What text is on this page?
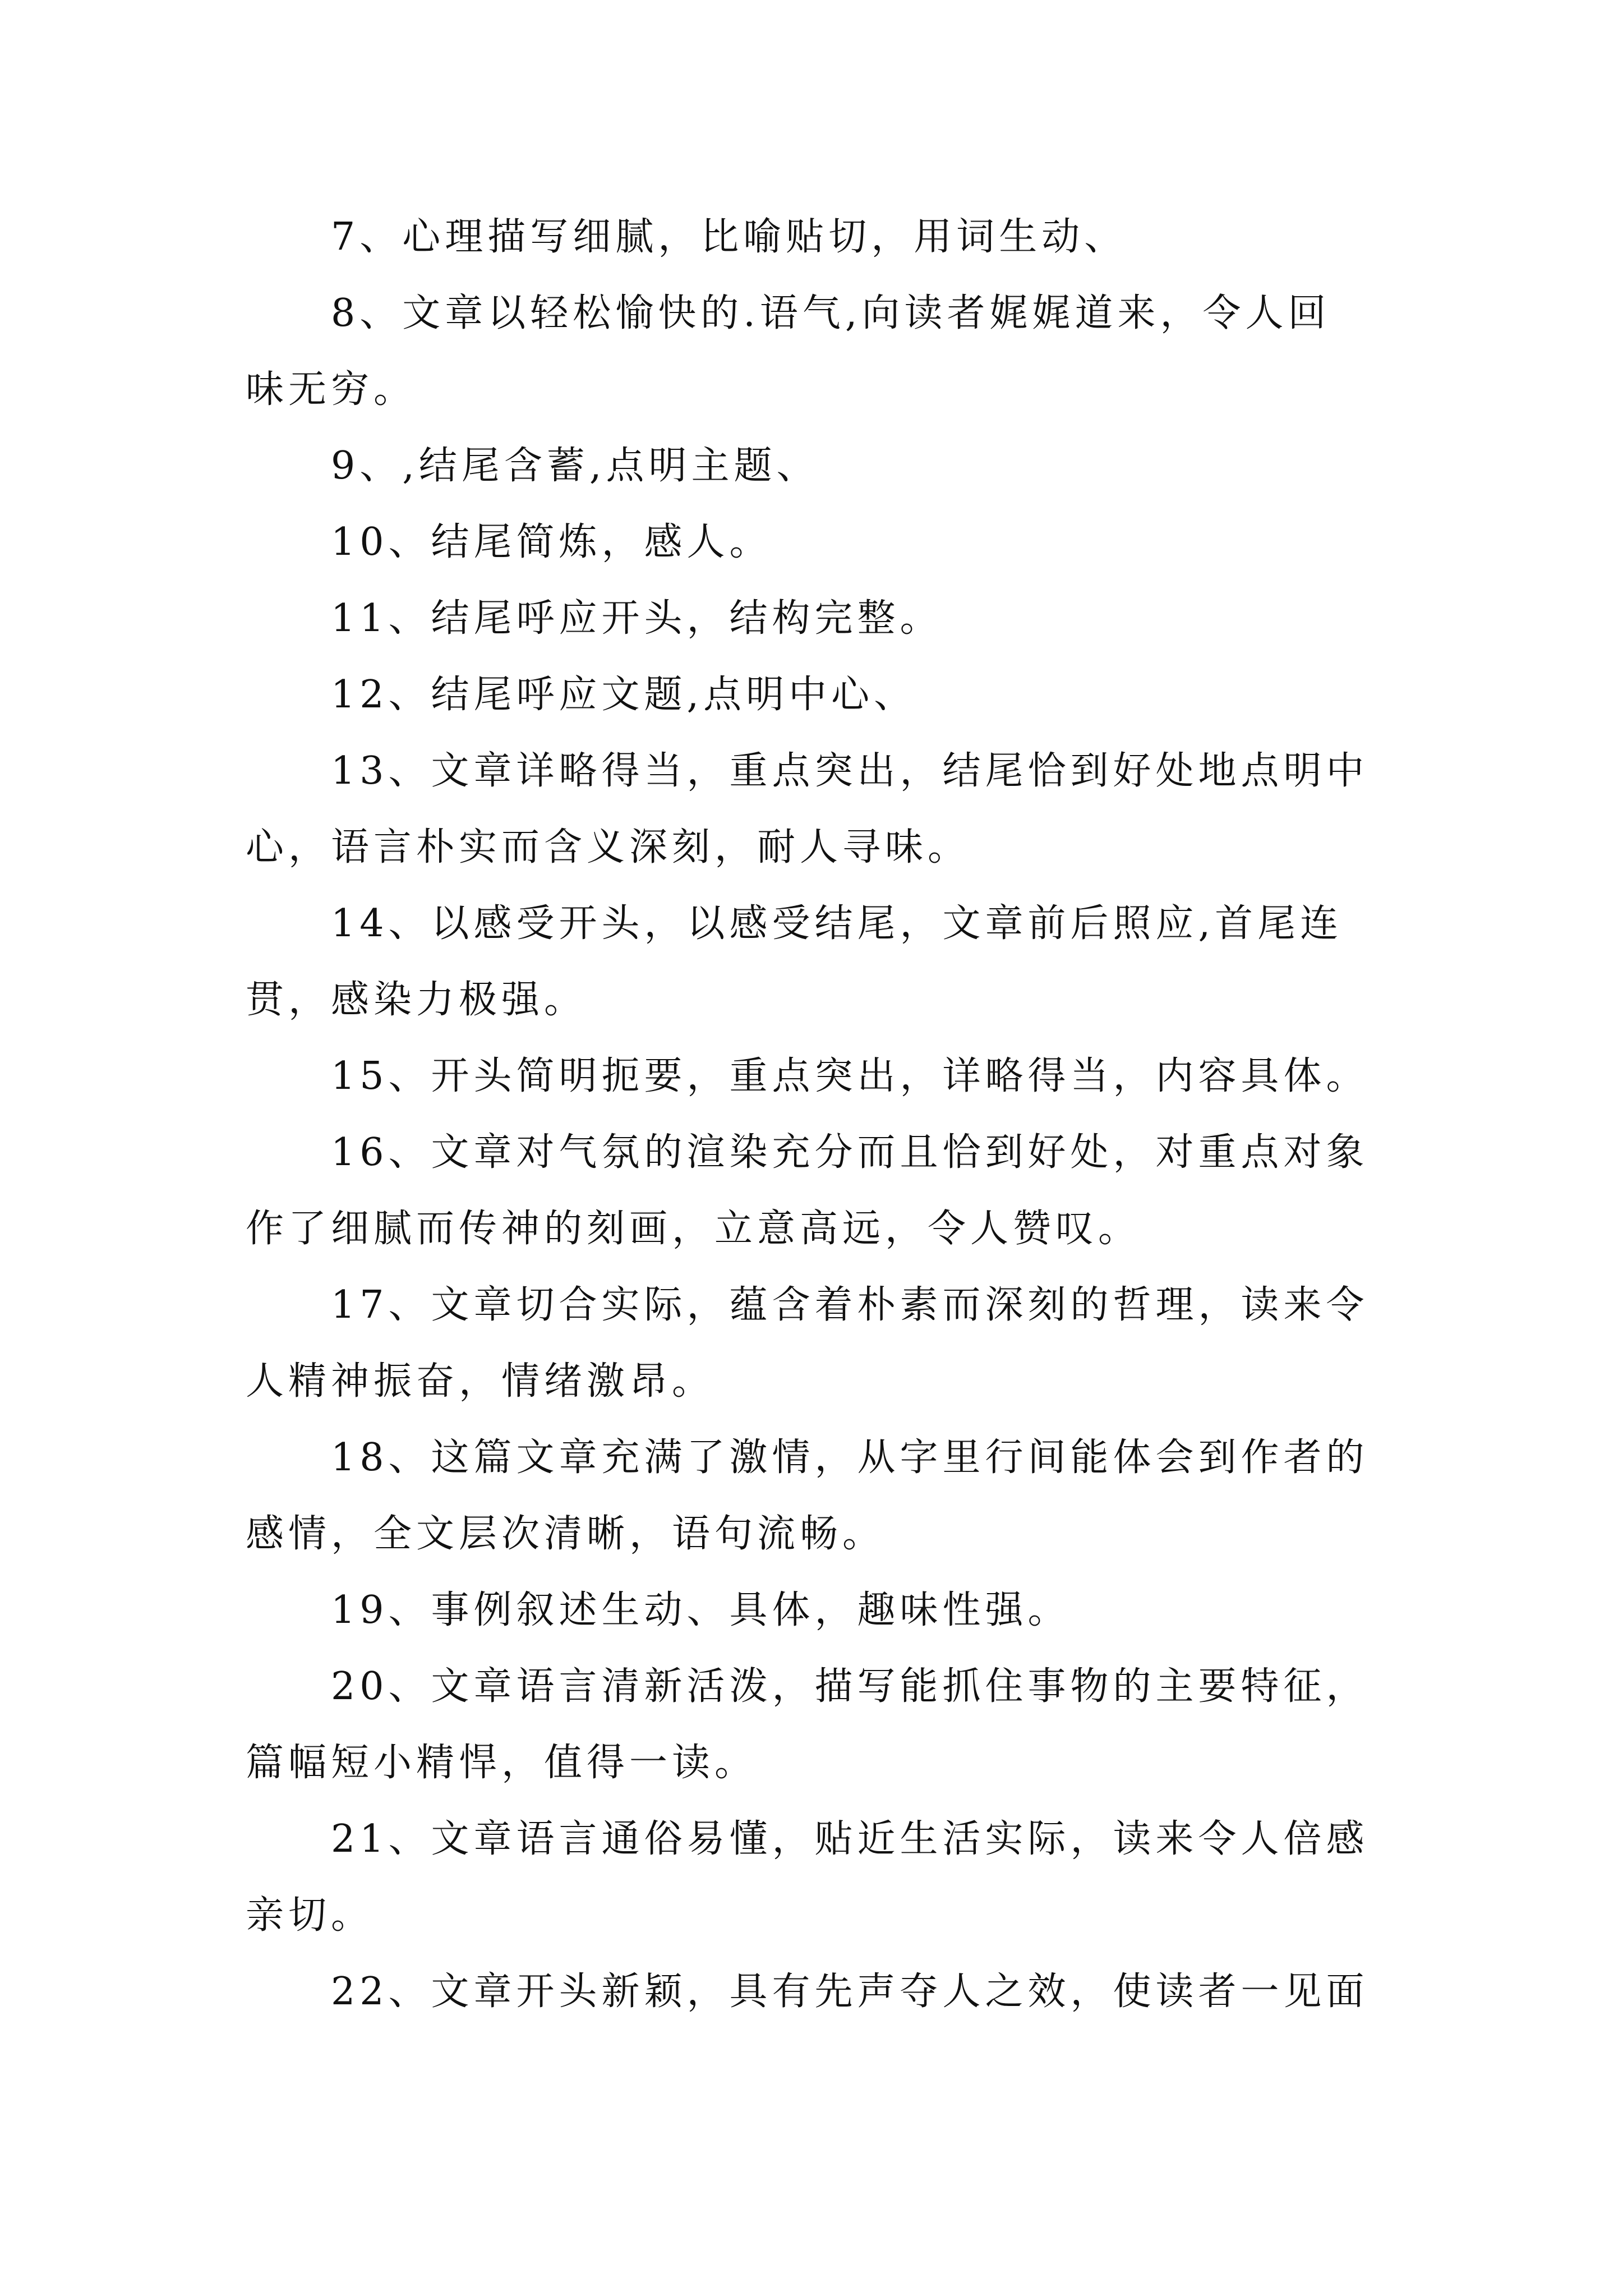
7、心理描写细腻，比喻贴切，用词生动、

8、文章以轻松愉快的.语气,向读者娓娓道来，令人回

味无穷。

9、,结尾含蓄,点明主题、

10、结尾简炼，感人。

11、结尾呼应开头，结构完整。

12、结尾呼应文题,点明中心、

13、文章详略得当，重点突出，结尾恰到好处地点明中

心，语言朴实而含义深刻，耐人寻味。

14、以感受开头，以感受结尾，文章前后照应,首尾连

贯，感染力极强。

15、开头简明扼要，重点突出，详略得当，内容具体。

16、文章对气氛的渲染充分而且恰到好处，对重点对象

作了细腻而传神的刻画，立意高远，令人赞叹。

17、文章切合实际，蕴含着朴素而深刻的哲理，读来令

人精神振奋，情绪激昂。

18、这篇文章充满了激情，从字里行间能体会到作者的

感情，全文层次清晰，语句流畅。

19、事例叙述生动、具体，趣味性强。

20、文章语言清新活泼，描写能抓住事物的主要特征，

篇幅短小精悍，值得一读。

21、文章语言通俗易懂，贴近生活实际，读来令人倍感

亲切。

22、文章开头新颖，具有先声夺人之效，使读者一见面
